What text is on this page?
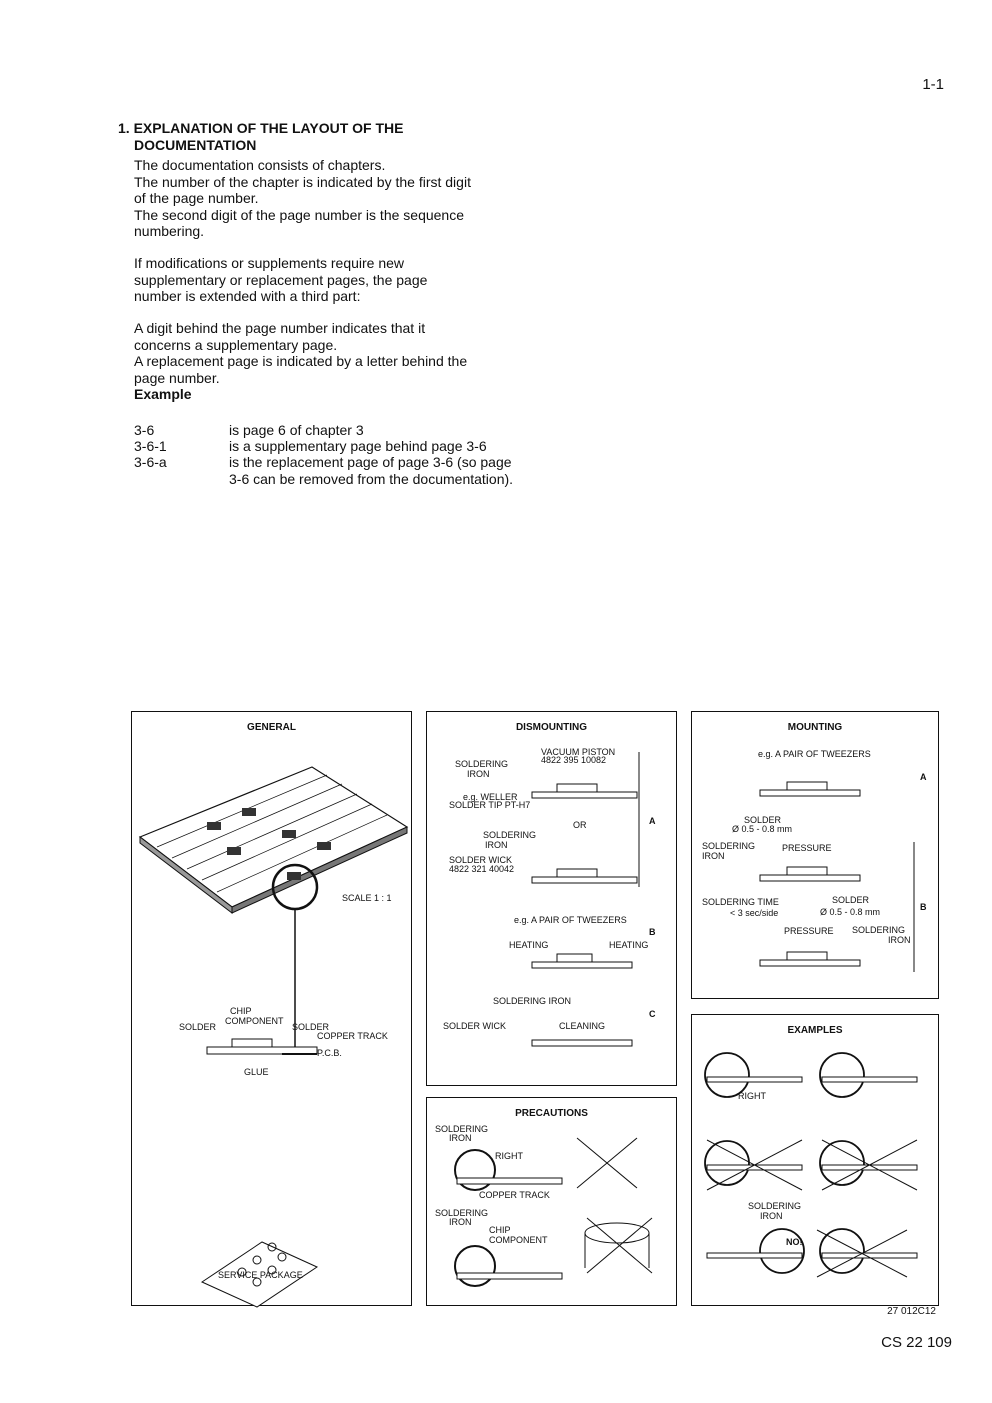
1-1
1. EXPLANATION OF THE LAYOUT OF THE
DOCUMENTATION
The documentation consists of chapters.
The number of the chapter is indicated by the first digit
of the page number.
The second digit of the page number is the sequence
numbering.
If modifications or supplements require new
supplementary or replacement pages, the page
number is extended with a third part:
A digit behind the page number indicates that it
concerns a supplementary page.
A replacement page is indicated by a letter behind the
page number.
Example
3-6	is page 6 of chapter 3
3-6-1	is a supplementary page behind page 3-6
3-6-a	is the replacement page of page 3-6 (so page 3-6 can be removed from the documentation).
GENERAL
SCALE 1 : 1
CHIP
COMPONENT
SOLDER	SOLDER
COPPER TRACK
P.C.B.
GLUE
SERVICE PACKAGE
DISMOUNTING
VACUUM PISTON
4822 395 10082
SOLDERING
IRON
e.g. WELLER
SOLDER TIP PT-H7
OR
SOLDERING
IRON
SOLDER WICK
4822 321 40042
A
e.g. A PAIR OF TWEEZERS
B
HEATING	HEATING
SOLDERING IRON
C
SOLDER WICK	CLEANING
PRECAUTIONS
SOLDERING
IRON
RIGHT
COPPER TRACK
SOLDERING
IRON
CHIP
COMPONENT
MOUNTING
e.g. A PAIR OF TWEEZERS
A
SOLDER
Ø 0.5 - 0.8 mm
SOLDERING
IRON
PRESSURE
SOLDERING TIME
< 3 sec/side
SOLDER
Ø 0.5 - 0.8 mm	B
PRESSURE SOLDERING
IRON
EXAMPLES
RIGHT
SOLDERING
IRON
NO!
27 012C12
CS 22 109
